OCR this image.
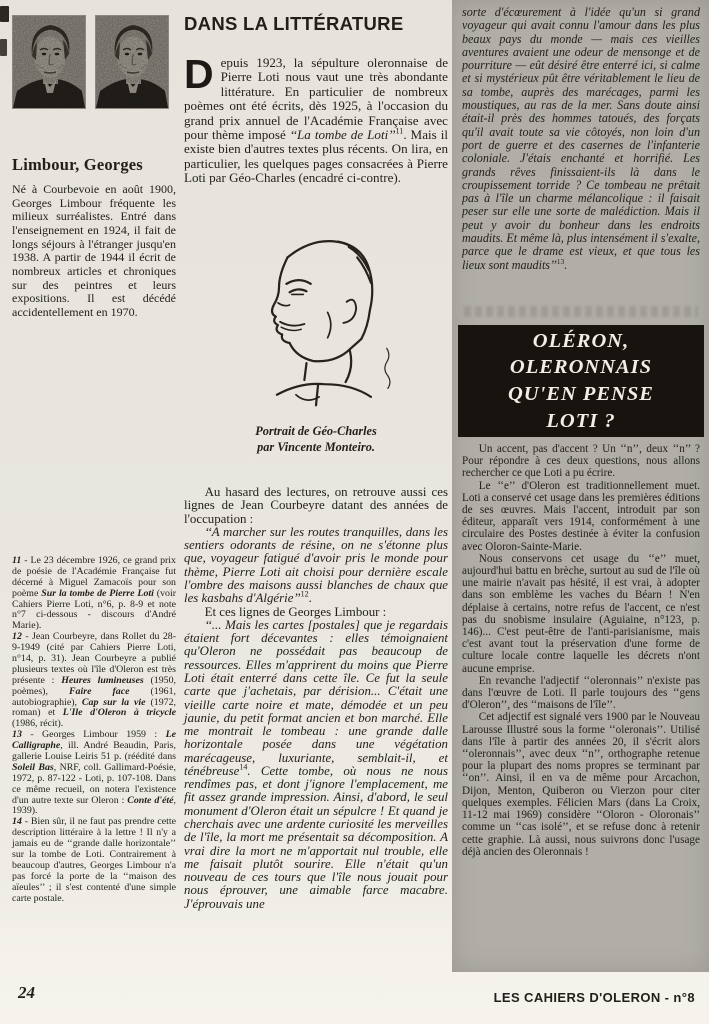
Limbour, Georges

Né à Courbevoie en août 1900, Georges Limbour fréquente les milieux surréalistes. Entré dans l'enseignement en 1924, il fait de longs séjours à l'étranger jusqu'en 1938. A partir de 1944 il écrit de nombreux articles et chroniques sur des peintres et leurs expositions. Il est décédé accidentellement en 1970.

11 - Le 23 décembre 1926, ce grand prix de poésie de l'Académie Française fut décerné à Miguel Zamacoïs pour son poème Sur la tombe de Pierre Loti (voir Cahiers Pierre Loti, n°6, p. 8-9 et note n°7 ci-dessous - discours d'André Marie).

12 - Jean Courbeyre, dans Rollet du 28-9-1949 (cité par Cahiers Pierre Loti, n°14, p. 31). Jean Courbeyre a publié plusieurs textes où l'île d'Oleron est très présente : Heures lumineuses (1950, poèmes), Faire face (1961, autobiographie), Cap sur la vie (1972, roman) et L'Ile d'Oleron à tricycle (1986, récit).

13 - Georges Limbour 1959 : Le Calligraphe, ill. André Beaudin, Paris, gallerie Louise Leiris 51 p. (réédité dans Soleil Bas, NRF, coll. Gallimard-Poésie, 1972, p. 87-122 - Loti, p. 107-108. Dans ce même recueil, on notera l'existence d'un autre texte sur Oleron : Conte d'été, 1939).

14 - Bien sûr, il ne faut pas prendre cette description littéraire à la lettre ! Il n'y a jamais eu de ‘‘grande dalle horizontale’’ sur la tombe de Loti. Contrairement à beaucoup d'autres, Georges Limbour n'a pas forcé la porte de la ‘‘maison des aïeules’’ ; il s'est contenté d'une simple carte postale.

DANS LA LITTÉRATURE

Depuis 1923, la sépulture oleronnaise de Pierre Loti nous vaut une très abondante littérature. En particulier de nombreux poèmes ont été écrits, dès 1925, à l'occasion du grand prix annuel de l'Académie Française avec pour thème imposé ‘‘La tombe de Loti’’$^{11}$. Mais il existe bien d'autres textes plus récents. On lira, en particulier, les quelques pages consacrées à Pierre Loti par Géo-Charles (encadré ci-contre).

Portrait de Géo-Charles
par Vincente Monteiro.

Au hasard des lectures, on retrouve aussi ces lignes de Jean Courbeyre datant des années de l'occupation :

‘‘A marcher sur les routes tranquilles, dans les sentiers odorants de résine, on ne s'étonne plus que, voyageur fatigué d'avoir pris le monde pour thème, Pierre Loti ait choisi pour dernière escale l'ombre des maisons aussi blanches de chaux que les kasbahs d'Algérie’’$^{12}$.

Et ces lignes de Georges Limbour :

‘‘... Mais les cartes [postales] que je regardais étaient fort décevantes : elles témoignaient qu'Oleron ne possédait pas beaucoup de ressources. Elles m'apprirent du moins que Pierre Loti était enterré dans cette île. Ce fut la seule carte que j'achetais, par dérision... C'était une vieille carte noire et mate, démodée et un peu jaunie, du petit format ancien et bon marché. Elle me montrait le tombeau : une grande dalle horizontale posée dans une végétation marécageuse, luxuriante, semblait-il, et ténébreuse$^{14}$. Cette tombe, où nous ne nous rendîmes pas, et dont j'ignore l'emplacement, me fit assez grande impression. Ainsi, d'abord, le seul monument d'Oleron était un sépulcre ! Et quand je cherchais avec une ardente curiosité les merveilles de l'île, la mort me présentait sa décomposition. A vrai dire la mort ne m'apportait nul trouble, elle me faisait plutôt sourire. Elle n'était qu'un nouveau de ces tours que l'île nous jouait pour nous éprouver, une aimable farce macabre. J'éprouvais une

sorte d'écœurement à l'idée qu'un si grand voyageur qui avait connu l'amour dans les plus beaux pays du monde — mais ces vieilles aventures avaient une odeur de mensonge et de pourriture — eût désiré être enterré ici, si calme et si mystérieux pût être véritablement le lieu de sa tombe, auprès des marécages, parmi les moustiques, au ras de la mer. Sans doute ainsi était-il près des hommes tatoués, des forçats qu'il avait toute sa vie côtoyés, non loin d'un port de guerre et des casernes de l'infanterie coloniale. J'étais enchanté et horrifié. Les grands rêves finissaient-ils là dans le croupissement torride ? Ce tombeau ne prêtait pas à l'île un charme mélancolique : il faisait peser sur elle une sorte de malédiction. Mais il peut y avoir du bonheur dans les endroits maudits. Et même là, plus intensément il s'exalte, parce que le drame est vieux, et que tous les lieux sont maudits’’$^{13}$.

OLÉRON,
OLERONNAIS
QU'EN PENSE
LOTI ?

Un accent, pas d'accent ? Un ‘‘n’’, deux ‘‘n’’ ? Pour répondre à ces deux questions, nous allons rechercher ce que Loti a pu écrire.

Le ‘‘e’’ d'Oleron est traditionnellement muet. Loti a conservé cet usage dans les premières éditions de ses œuvres. Mais l'accent, introduit par son éditeur, apparaît vers 1914, conformément à une circulaire des Postes destinée à éviter la confusion avec Oloron-Sainte-Marie.

Nous conservons cet usage du ‘‘e’’ muet, aujourd'hui battu en brèche, surtout au sud de l'île où une mairie n'avait pas hésité, il est vrai, à adopter dans son emblème les vaches du Béarn ! N'en déplaise à certains, notre refus de l'accent, ce n'est pas du snobisme insulaire (Aguiaine, n°123, p. 146)... C'est peut-être de l'anti-parisianisme, mais c'est avant tout la préservation d'une forme de culture locale contre laquelle les décrets n'ont aucune emprise.

En revanche l'adjectif ‘‘oleronnais’’ n'existe pas dans l'œuvre de Loti. Il parle toujours des ‘‘gens d'Oleron’’, des ‘‘maisons de l'île’’.

Cet adjectif est signalé vers 1900 par le Nouveau Larousse Illustré sous la forme ‘‘oleronais’’. Utilisé dans l'île à partir des années 20, il s'écrit alors ‘‘oleronnais’’, avec deux ‘‘n’’, orthographe retenue pour la plupart des noms propres se terminant par ‘‘on’’. Ainsi, il en va de même pour Arcachon, Dijon, Menton, Quiberon ou Vierzon pour citer quelques exemples. Félicien Mars (dans La Croix, 11-12 mai 1969) considère ‘‘Oloron - Oloronais’’ comme un ‘‘cas isolé’’, et se refuse donc à retenir cette graphie. Là aussi, nous suivrons donc l'usage déjà ancien des Oleronnais !

24	LES CAHIERS D'OLERON - n°8
